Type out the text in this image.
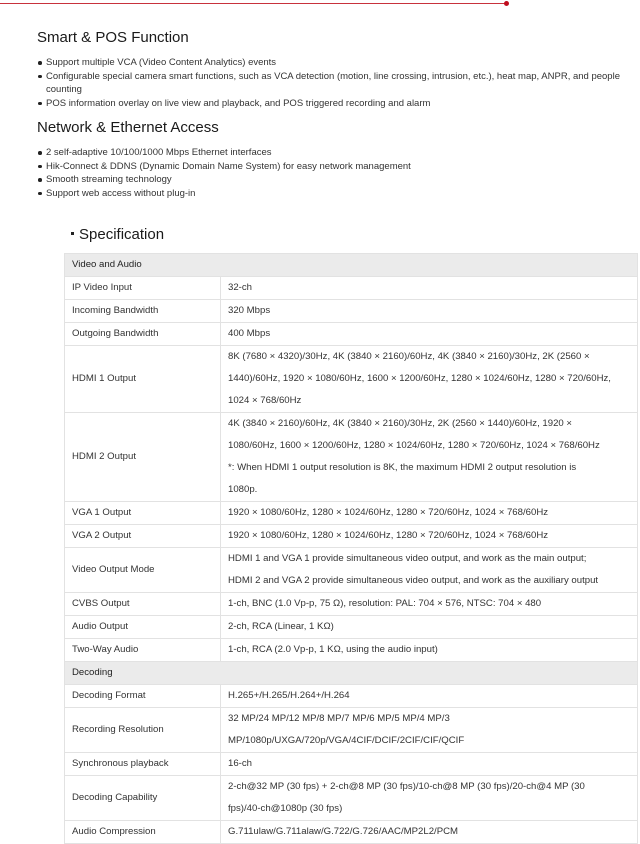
Smart & POS Function
Support multiple VCA (Video Content Analytics) events
Configurable special camera smart functions, such as VCA detection (motion, line crossing, intrusion, etc.), heat map, ANPR, and people counting
POS information overlay on live view and playback, and POS triggered recording and alarm
Network & Ethernet Access
2 self-adaptive 10/100/1000 Mbps Ethernet interfaces
Hik-Connect & DDNS (Dynamic Domain Name System) for easy network management
Smooth streaming technology
Support web access without plug-in
Specification
Video and Audio	
IP Video Input	32-ch

Incoming Bandwidth	320 Mbps

Outgoing Bandwidth	400 Mbps

HDMI 1 Output	8K (7680 × 4320)/30Hz, 4K (3840 × 2160)/60Hz, 4K (3840 × 2160)/30Hz, 2K (2560 ×
1440)/60Hz, 1920 × 1080/60Hz, 1600 × 1200/60Hz, 1280 × 1024/60Hz, 1280 × 720/60Hz,
1024 × 768/60Hz

HDMI 2 Output	4K (3840 × 2160)/60Hz, 4K (3840 × 2160)/30Hz, 2K (2560 × 1440)/60Hz, 1920 ×
1080/60Hz, 1600 × 1200/60Hz, 1280 × 1024/60Hz, 1280 × 720/60Hz, 1024 × 768/60Hz
*: When HDMI 1 output resolution is 8K, the maximum HDMI 2 output resolution is
1080p.

VGA 1 Output	1920 × 1080/60Hz, 1280 × 1024/60Hz, 1280 × 720/60Hz, 1024 × 768/60Hz

VGA 2 Output	1920 × 1080/60Hz, 1280 × 1024/60Hz, 1280 × 720/60Hz, 1024 × 768/60Hz

Video Output Mode	HDMI 1 and VGA 1 provide simultaneous video output, and work as the main output;
HDMI 2 and VGA 2 provide simultaneous video output, and work as the auxiliary output

CVBS Output	1-ch, BNC (1.0 Vp-p, 75 Ω), resolution: PAL: 704 × 576, NTSC: 704 × 480

Audio Output	2-ch, RCA (Linear, 1 KΩ)

Two-Way Audio	1-ch, RCA (2.0 Vp-p, 1 KΩ, using the audio input)

Decoding	
Decoding Format	H.265+/H.265/H.264+/H.264

Recording Resolution	32 MP/24 MP/12 MP/8 MP/7 MP/6 MP/5 MP/4 MP/3
MP/1080p/UXGA/720p/VGA/4CIF/DCIF/2CIF/CIF/QCIF

Synchronous playback	16-ch

Decoding Capability	2-ch@32 MP (30 fps) + 2-ch@8 MP (30 fps)/10-ch@8 MP (30 fps)/20-ch@4 MP (30
fps)/40-ch@1080p (30 fps)

Audio Compression	G.711ulaw/G.711alaw/G.722/G.726/AAC/MP2L2/PCM
